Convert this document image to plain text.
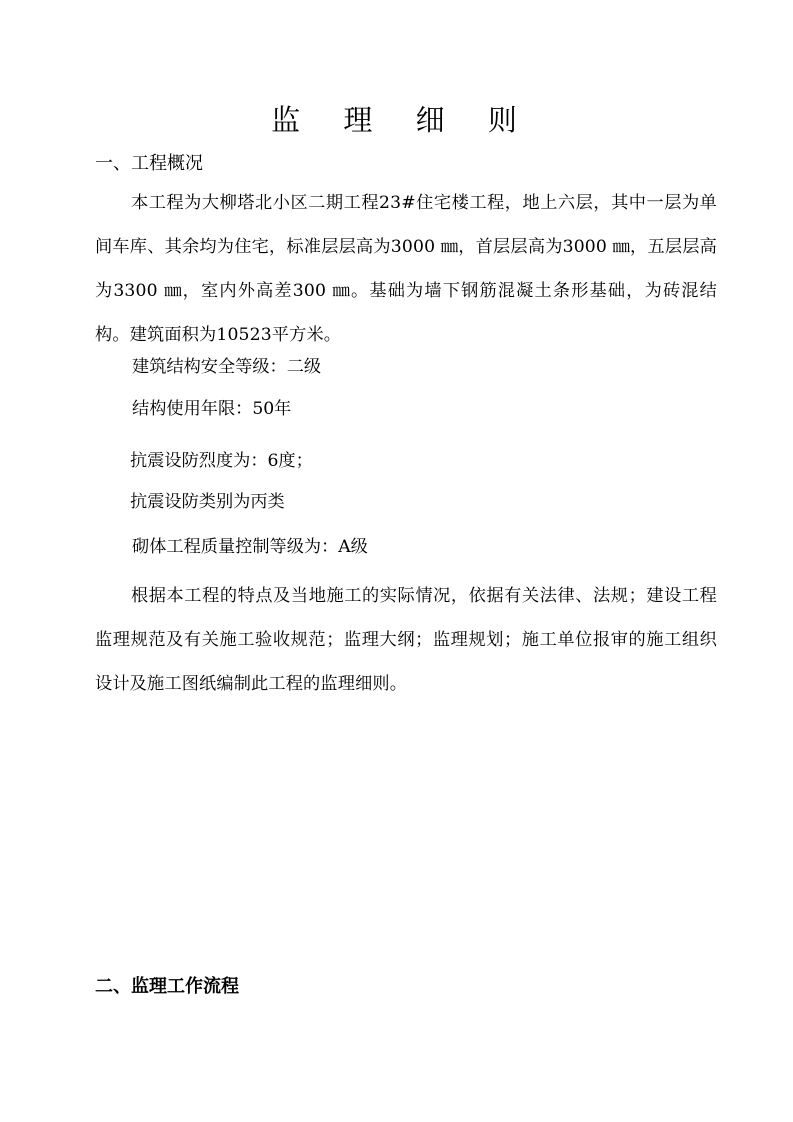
监 理 细 则
一、工程概况
本工程为大柳塔北小区二期工程23#住宅楼工程，地上六层，其中一层为单间车库、其余均为住宅，标准层层高为3000 ㎜，首层层高为3000 ㎜，五层层高为3300 ㎜，室内外高差300 ㎜。基础为墙下钢筋混凝土条形基础，为砖混结构。建筑面积为10523平方米。
建筑结构安全等级：二级
结构使用年限：50年
抗震设防烈度为：6度；
抗震设防类别为丙类
砌体工程质量控制等级为：A级
根据本工程的特点及当地施工的实际情况，依据有关法律、法规；建设工程监理规范及有关施工验收规范；监理大纲；监理规划；施工单位报审的施工组织设计及施工图纸编制此工程的监理细则。
二、监理工作流程
